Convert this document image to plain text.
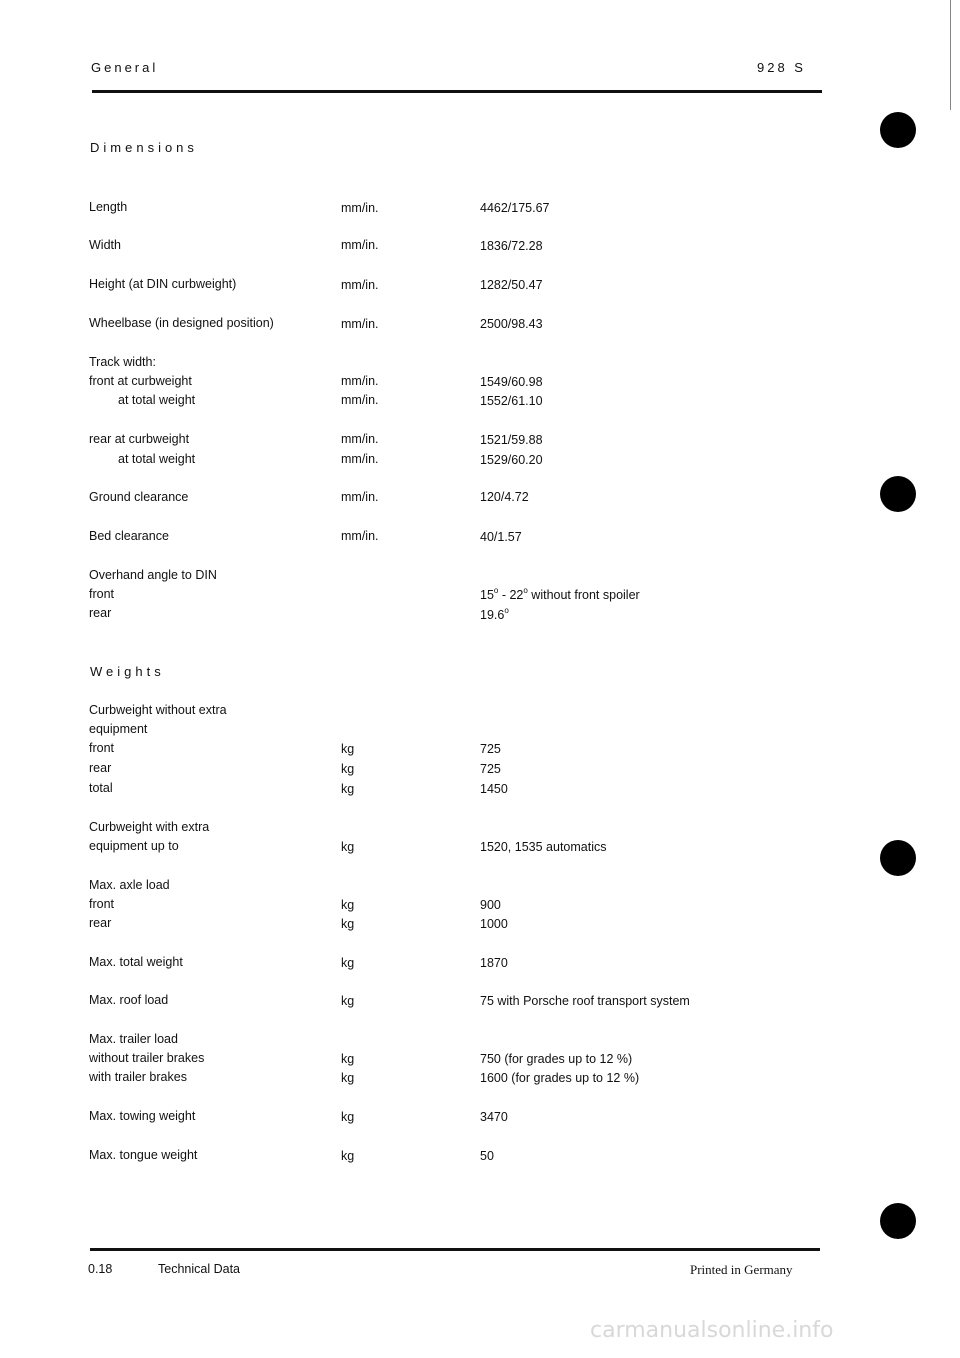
General	928 S
Dimensions
Length	mm/in.	4462/175.67
Width	mm/in.	1836/72.28
Height (at DIN curbweight)	mm/in.	1282/50.47
Wheelbase (in designed position)	mm/in.	2500/98.43
Track width:
front at curbweight	mm/in.	1549/60.98
at total weight	mm/in.	1552/61.10
rear at curbweight	mm/in.	1521/59.88
at total weight	mm/in.	1529/60.20
Ground clearance	mm/in.	120/4.72
Bed clearance	mm/in.	40/1.57
Overhand angle to DIN
front	15$^o$ - 22$^o$ without front spoiler
rear	19.6$^o$
Weights
Curbweight without extra
equipment
front	kg	725
rear	kg	725
total	kg	1450
Curbweight with extra
equipment up to	kg	1520, 1535 automatics
Max. axle load
front	kg	900
rear	kg	1000
Max. total weight	kg	1870
Max. roof load	kg	75 with Porsche roof transport system
Max. trailer load
without trailer brakes	kg	750 (for grades up to 12 %)
with trailer brakes	kg	1600 (for grades up to 12 %)
Max. towing weight	kg	3470
Max. tongue weight	kg	50
0.18	Technical Data	Printed in Germany
carmanualsonline.info
